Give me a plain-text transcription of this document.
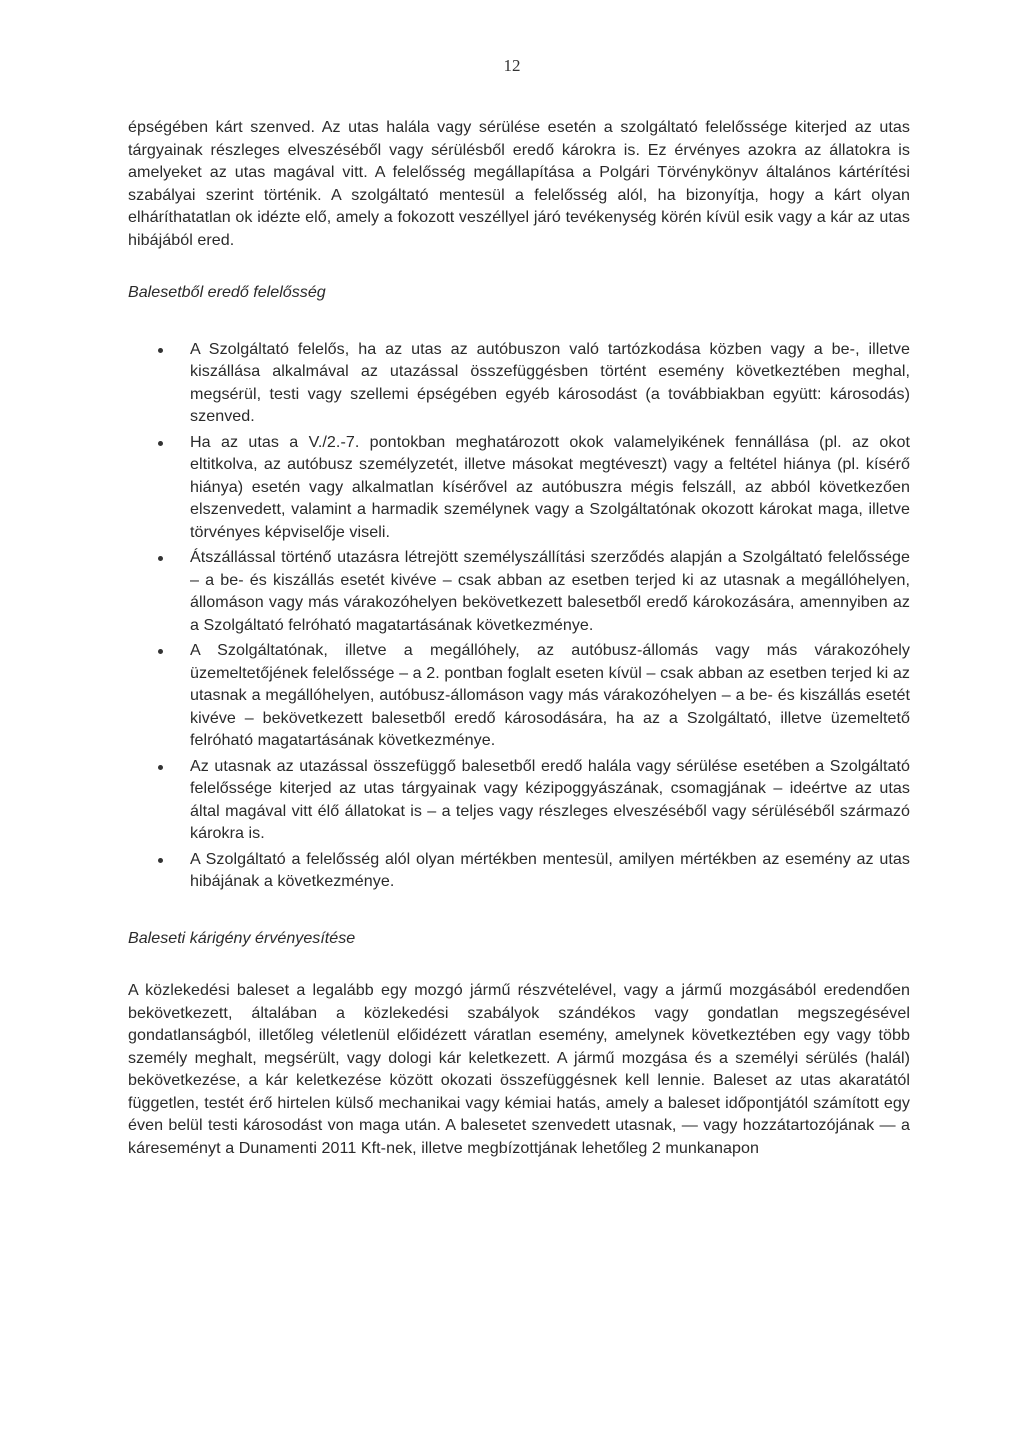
12

épségében kárt szenved. Az utas halála vagy sérülése esetén a szolgáltató felelőssége kiterjed az utas tárgyainak részleges elveszéséből vagy sérülésből eredő károkra is. Ez érvényes azokra az állatokra is amelyeket az utas magával vitt. A felelősség megállapítása a Polgári Törvénykönyv általános kártérítési szabályai szerint történik. A szolgáltató mentesül a felelősség alól, ha bizonyítja, hogy a kárt olyan elháríthatatlan ok idézte elő, amely a fokozott veszéllyel járó tevékenység körén kívül esik vagy a kár az utas hibájából ered.

Balesetből eredő felelősség

A Szolgáltató felelős, ha az utas az autóbuszon való tartózkodása közben vagy a be-, illetve kiszállása alkalmával az utazással összefüggésben történt esemény következtében meghal, megsérül, testi vagy szellemi épségében egyéb károsodást (a továbbiakban együtt: károsodás) szenved.

Ha az utas a V./2.-7. pontokban meghatározott okok valamelyikének fennállása (pl. az okot eltitkolva, az autóbusz személyzetét, illetve másokat megtéveszt) vagy a feltétel hiánya (pl. kísérő hiánya) esetén vagy alkalmatlan kísérővel az autóbuszra mégis felszáll, az abból következően elszenvedett, valamint a harmadik személynek vagy a Szolgáltatónak okozott károkat maga, illetve törvényes képviselője viseli.

Átszállással történő utazásra létrejött személyszállítási szerződés alapján a Szolgáltató felelőssége – a be- és kiszállás esetét kivéve – csak abban az esetben terjed ki az utasnak a megállóhelyen, állomáson vagy más várakozóhelyen bekövetkezett balesetből eredő károkozására, amennyiben az a Szolgáltató felróható magatartásának következménye.

A Szolgáltatónak, illetve a megállóhely, az autóbusz-állomás vagy más várakozóhely üzemeltetőjének felelőssége – a 2. pontban foglalt eseten kívül – csak abban az esetben terjed ki az utasnak a megállóhelyen, autóbusz-állomáson vagy más várakozóhelyen – a be- és kiszállás esetét kivéve – bekövetkezett balesetből eredő károsodására, ha az a Szolgáltató, illetve üzemeltető felróható magatartásának következménye.

Az utasnak az utazással összefüggő balesetből eredő halála vagy sérülése esetében a Szolgáltató felelőssége kiterjed az utas tárgyainak vagy kézipoggyászának, csomagjának – ideértve az utas által magával vitt élő állatokat is – a teljes vagy részleges elveszéséből vagy sérüléséből származó károkra is.

A Szolgáltató a felelősség alól olyan mértékben mentesül, amilyen mértékben az esemény az utas hibájának a következménye.

Baleseti kárigény érvényesítése

A közlekedési baleset a legalább egy mozgó jármű részvételével, vagy a jármű mozgásából eredendően bekövetkezett, általában a közlekedési szabályok szándékos vagy gondatlan megszegésével gondatlanságból, illetőleg véletlenül előidézett váratlan esemény, amelynek következtében egy vagy több személy meghalt, megsérült, vagy dologi kár keletkezett. A jármű mozgása és a személyi sérülés (halál) bekövetkezése, a kár keletkezése között okozati összefüggésnek kell lennie. Baleset az utas akaratától független, testét érő hirtelen külső mechanikai vagy kémiai hatás, amely a baleset időpontjától számított egy éven belül testi károsodást von maga után. A balesetet szenvedett utasnak, — vagy hozzátartozójának — a káreseményt a Dunamenti 2011 Kft-nek, illetve megbízottjának lehetőleg 2 munkanapon
